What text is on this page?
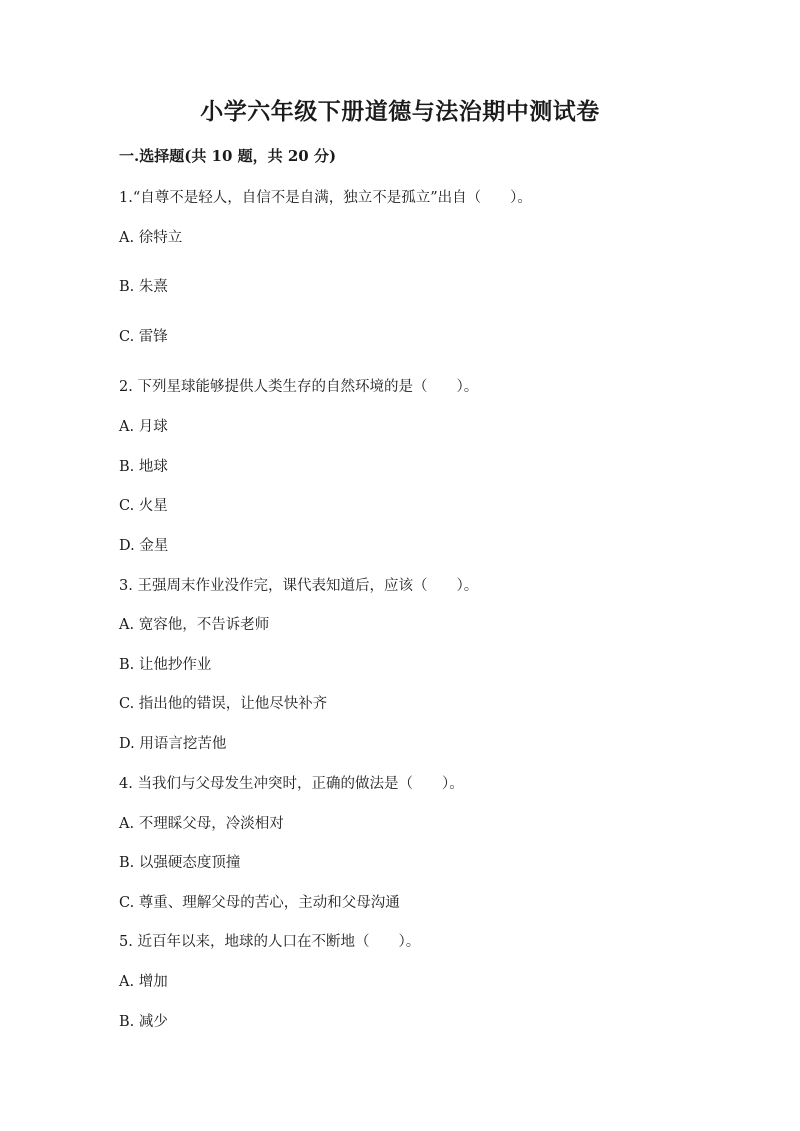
小学六年级下册道德与法治期中测试卷
一.选择题(共 10 题，共 20 分)
1.“自尊不是轻人，自信不是自满，独立不是孤立”出自（　　）。
A. 徐特立
B. 朱熹
C. 雷锋
2. 下列星球能够提供人类生存的自然环境的是（　　）。
A. 月球
B. 地球
C. 火星
D. 金星
3. 王强周末作业没作完，课代表知道后，应该（　　）。
A. 宽容他，不告诉老师
B. 让他抄作业
C. 指出他的错误，让他尽快补齐
D. 用语言挖苦他
4. 当我们与父母发生冲突时，正确的做法是（　　）。
A. 不理睬父母，冷淡相对
B. 以强硬态度顶撞
C. 尊重、理解父母的苦心，主动和父母沟通
5. 近百年以来，地球的人口在不断地（　　）。
A. 增加
B. 减少
